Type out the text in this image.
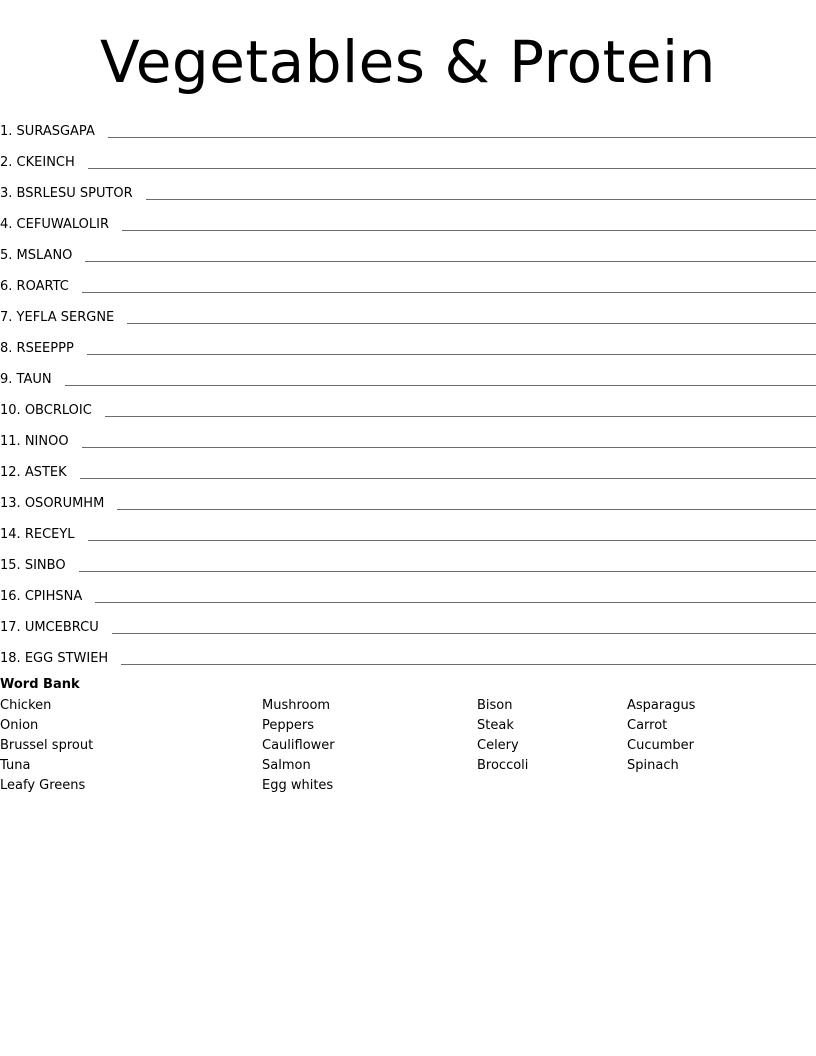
Vegetables & Protein
1.
SURASGAPA
2.
CKEINCH
3.
BSRLESU SPUTOR
4.
CEFUWALOLIR
5.
MSLANO
6.
ROARTC
7.
YEFLA SERGNE
8.
RSEEPPP
9.
TAUN
10.
OBCRLOIC
11.
NINOO
12.
ASTEK
13.
OSORUMHM
14.
RECEYL
15.
SINBO
16.
CPIHSNA
17.
UMCEBRCU
18.
EGG STWIEH
Word Bank
Chicken
Onion
Brussel sprout
Tuna
Leafy Greens
Mushroom
Peppers
Cauliflower
Salmon
Egg whites
Bison
Steak
Celery
Broccoli
Asparagus
Carrot
Cucumber
Spinach
